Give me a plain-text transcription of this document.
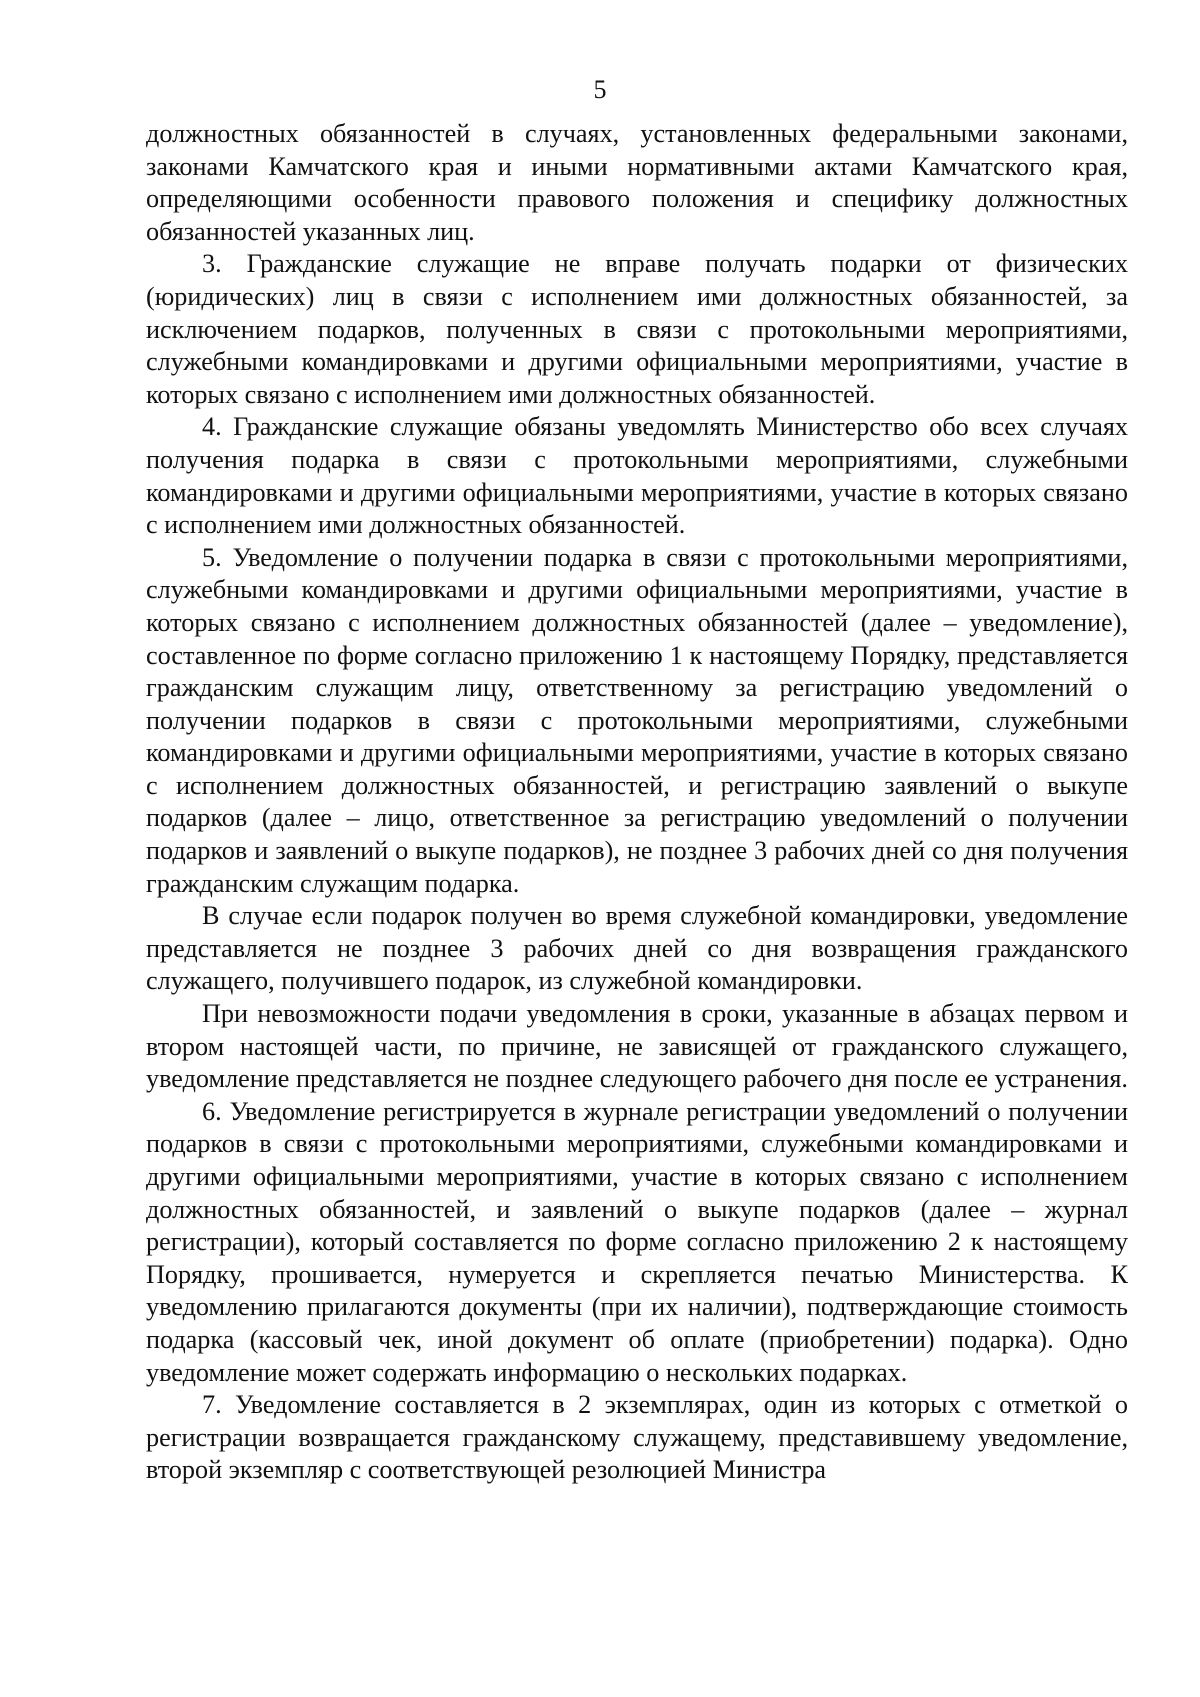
5

должностных обязанностей в случаях, установленных федеральными законами, законами Камчатского края и иными нормативными актами Камчатского края, определяющими особенности правового положения и специфику должностных обязанностей указанных лиц.

3. Гражданские служащие не вправе получать подарки от физических (юридических) лиц в связи с исполнением ими должностных обязанностей, за исключением подарков, полученных в связи с протокольными мероприятиями, служебными командировками и другими официальными мероприятиями, участие в которых связано с исполнением ими должностных обязанностей.

4. Гражданские служащие обязаны уведомлять Министерство обо всех случаях получения подарка в связи с протокольными мероприятиями, служебными командировками и другими официальными мероприятиями, участие в которых связано с исполнением ими должностных обязанностей.

5. Уведомление о получении подарка в связи с протокольными мероприятиями, служебными командировками и другими официальными мероприятиями, участие в которых связано с исполнением должностных обязанностей (далее – уведомление), составленное по форме согласно приложению 1 к настоящему Порядку, представляется гражданским служащим лицу, ответственному за регистрацию уведомлений о получении подарков в связи с протокольными мероприятиями, служебными командировками и другими официальными мероприятиями, участие в которых связано с исполнением должностных обязанностей, и регистрацию заявлений о выкупе подарков (далее – лицо, ответственное за регистрацию уведомлений о получении подарков и заявлений о выкупе подарков), не позднее 3 рабочих дней со дня получения гражданским служащим подарка.

В случае если подарок получен во время служебной командировки, уведомление представляется не позднее 3 рабочих дней со дня возвращения гражданского служащего, получившего подарок, из служебной командировки.

При невозможности подачи уведомления в сроки, указанные в абзацах первом и втором настоящей части, по причине, не зависящей от гражданского служащего, уведомление представляется не позднее следующего рабочего дня после ее устранения.

6. Уведомление регистрируется в журнале регистрации уведомлений о получении подарков в связи с протокольными мероприятиями, служебными командировками и другими официальными мероприятиями, участие в которых связано с исполнением должностных обязанностей, и заявлений о выкупе подарков (далее – журнал регистрации), который составляется по форме согласно приложению 2 к настоящему Порядку, прошивается, нумеруется и скрепляется печатью Министерства. К уведомлению прилагаются документы (при их наличии), подтверждающие стоимость подарка (кассовый чек, иной документ об оплате (приобретении) подарка). Одно уведомление может содержать информацию о нескольких подарках.

7. Уведомление составляется в 2 экземплярах, один из которых с отметкой о регистрации возвращается гражданскому служащему, представившему уведомление, второй экземпляр с соответствующей резолюцией Министра
